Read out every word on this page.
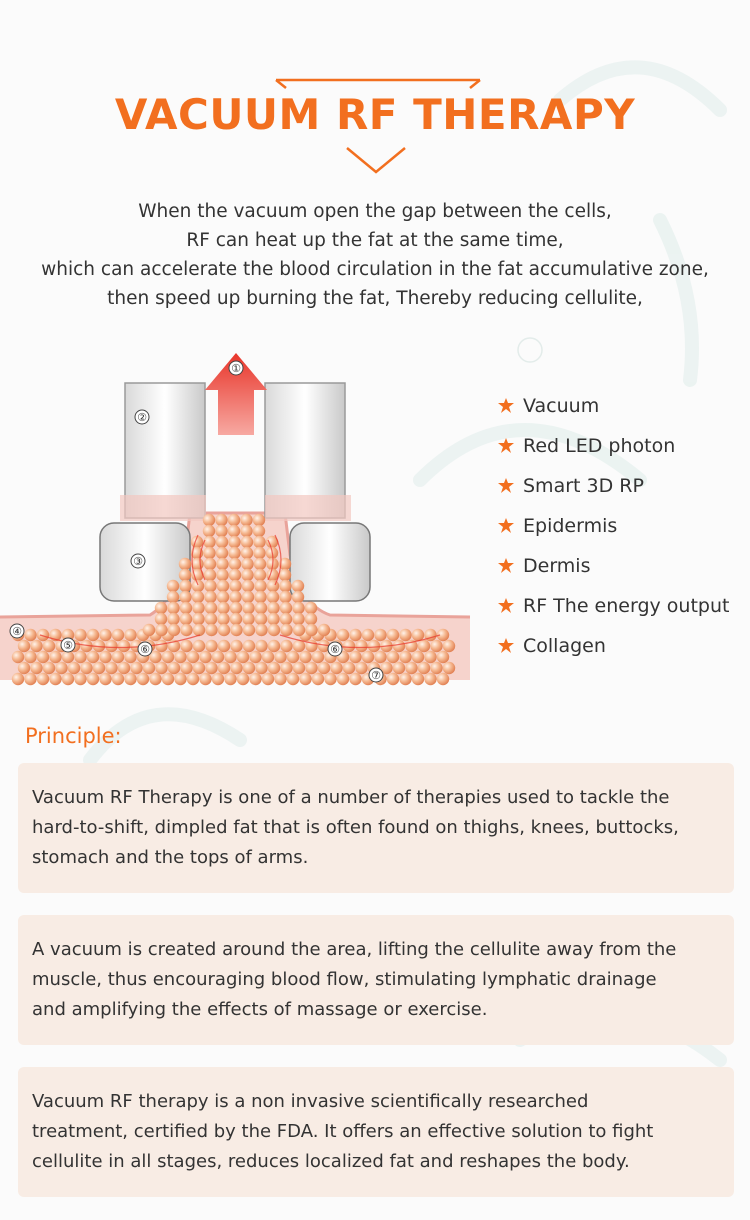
VACUUM RF THERAPY
When the vacuum open the gap between the cells,
RF can heat up the fat at the same time,
which can accelerate the blood circulation in the fat accumulative zone,
then speed up burning the fat, Thereby reducing cellulite,
①
②
③
④
⑤	⑥	⑥
⑦
Vacuum
Red LED photon
Smart 3D RP
Epidermis
Dermis
RF The energy output
Collagen
Principle:
Vacuum RF Therapy is one of a number of therapies used to tackle the
hard-to-shift, dimpled fat that is often found on thighs, knees, buttocks,
stomach and the tops of arms.
A vacuum is created around the area, lifting the cellulite away from the
muscle, thus encouraging blood flow, stimulating lymphatic drainage
and amplifying the effects of massage or exercise.
Vacuum RF therapy is a non invasive scientifically researched
treatment, certified by the FDA. It offers an effective solution to fight
cellulite in all stages, reduces localized fat and reshapes the body.
